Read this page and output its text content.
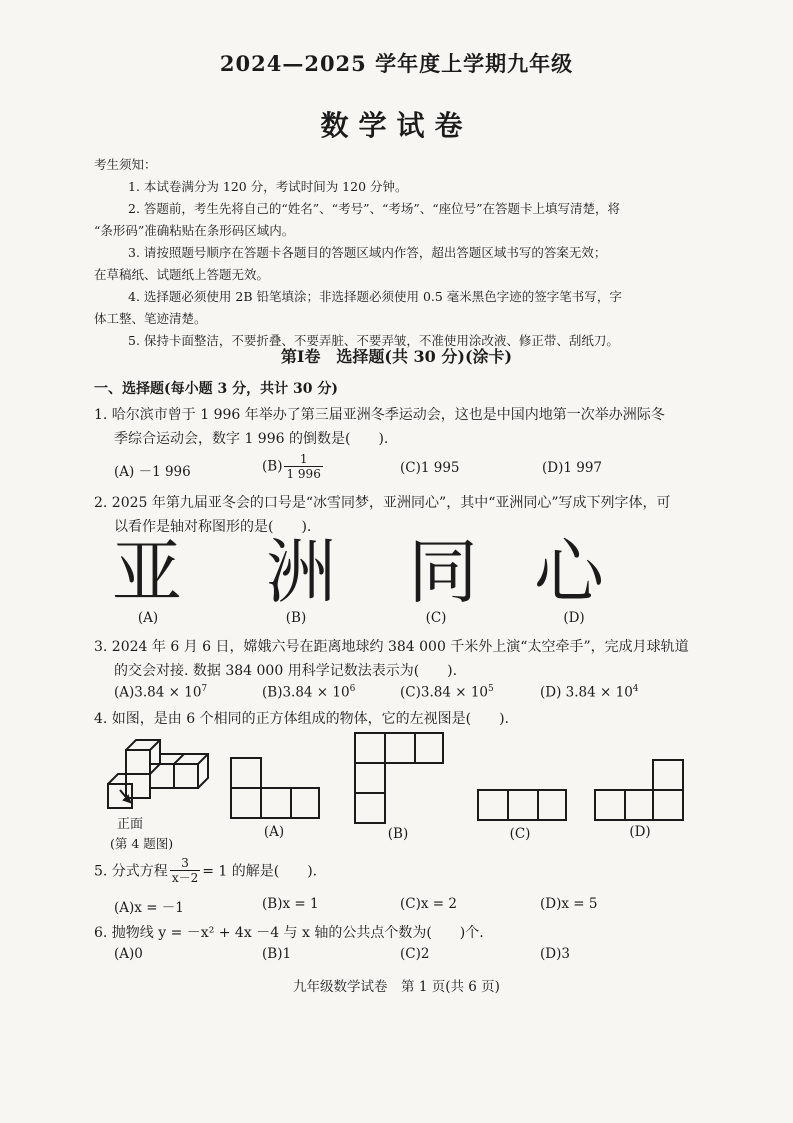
2024—2025 学年度上学期九年级
数学试卷
考生须知：
1. 本试卷满分为 120 分，考试时间为 120 分钟。
2. 答题前，考生先将自己的“姓名”、“考号”、“考场”、“座位号”在答题卡上填写清楚，将
“条形码”准确粘贴在条形码区域内。
3. 请按照题号顺序在答题卡各题目的答题区域内作答，超出答题区域书写的答案无效；
在草稿纸、试题纸上答题无效。
4. 选择题必须使用 2B 铅笔填涂；非选择题必须使用 0.5 毫米黑色字迹的签字笔书写，字
体工整、笔迹清楚。
5. 保持卡面整洁，不要折叠、不要弄脏、不要弄皱，不准使用涂改液、修正带、刮纸刀。
第Ⅰ卷　选择题(共 30 分)(涂卡)
一、选择题(每小题 3 分，共计 30 分)
1. 哈尔滨市曾于 1 996 年举办了第三届亚洲冬季运动会，这也是中国内地第一次举办洲际冬
季综合运动会，数字 1 996 的倒数是(　　).
(A) －1 996	$(B) \frac{1}{1 996}$	(C)1 995	(D)1 997
2. 2025 年第九届亚冬会的口号是“冰雪同梦，亚洲同心”，其中“亚洲同心”写成下列字体，可
以看作是轴对称图形的是(　　).
亚 洲 同 心
(A)	(B)	(C)	(D)
3. 2024 年 6 月 6 日，嫦娥六号在距离地球约 384 000 千米外上演“太空牵手”，完成月球轨道
的交会对接. 数据 384 000 用科学记数法表示为(　　).
$(A)3.84 \times 10^7$	$(B)3.84 \times 10^6$	$(C)3.84 \times 10^5$	(D) $3.84 \times 10^4$
4. 如图，是由 6 个相同的正方体组成的物体，它的左视图是(　　).
正面
(第 4 题图)
(A)	(B)	(C)	(D)
5. 分式方程 $\frac{3}{x-2} = 1$ 的解是(　　).
(A)x = －1	(B)x = 1	(C)x = 2	(D)x = 5
6. 抛物线 y = －x² + 4x －4 与 x 轴的公共点个数为(　　)个.
(A)0	(B)1	(C)2	(D)3
九年级数学试卷　第 1 页(共 6 页)
